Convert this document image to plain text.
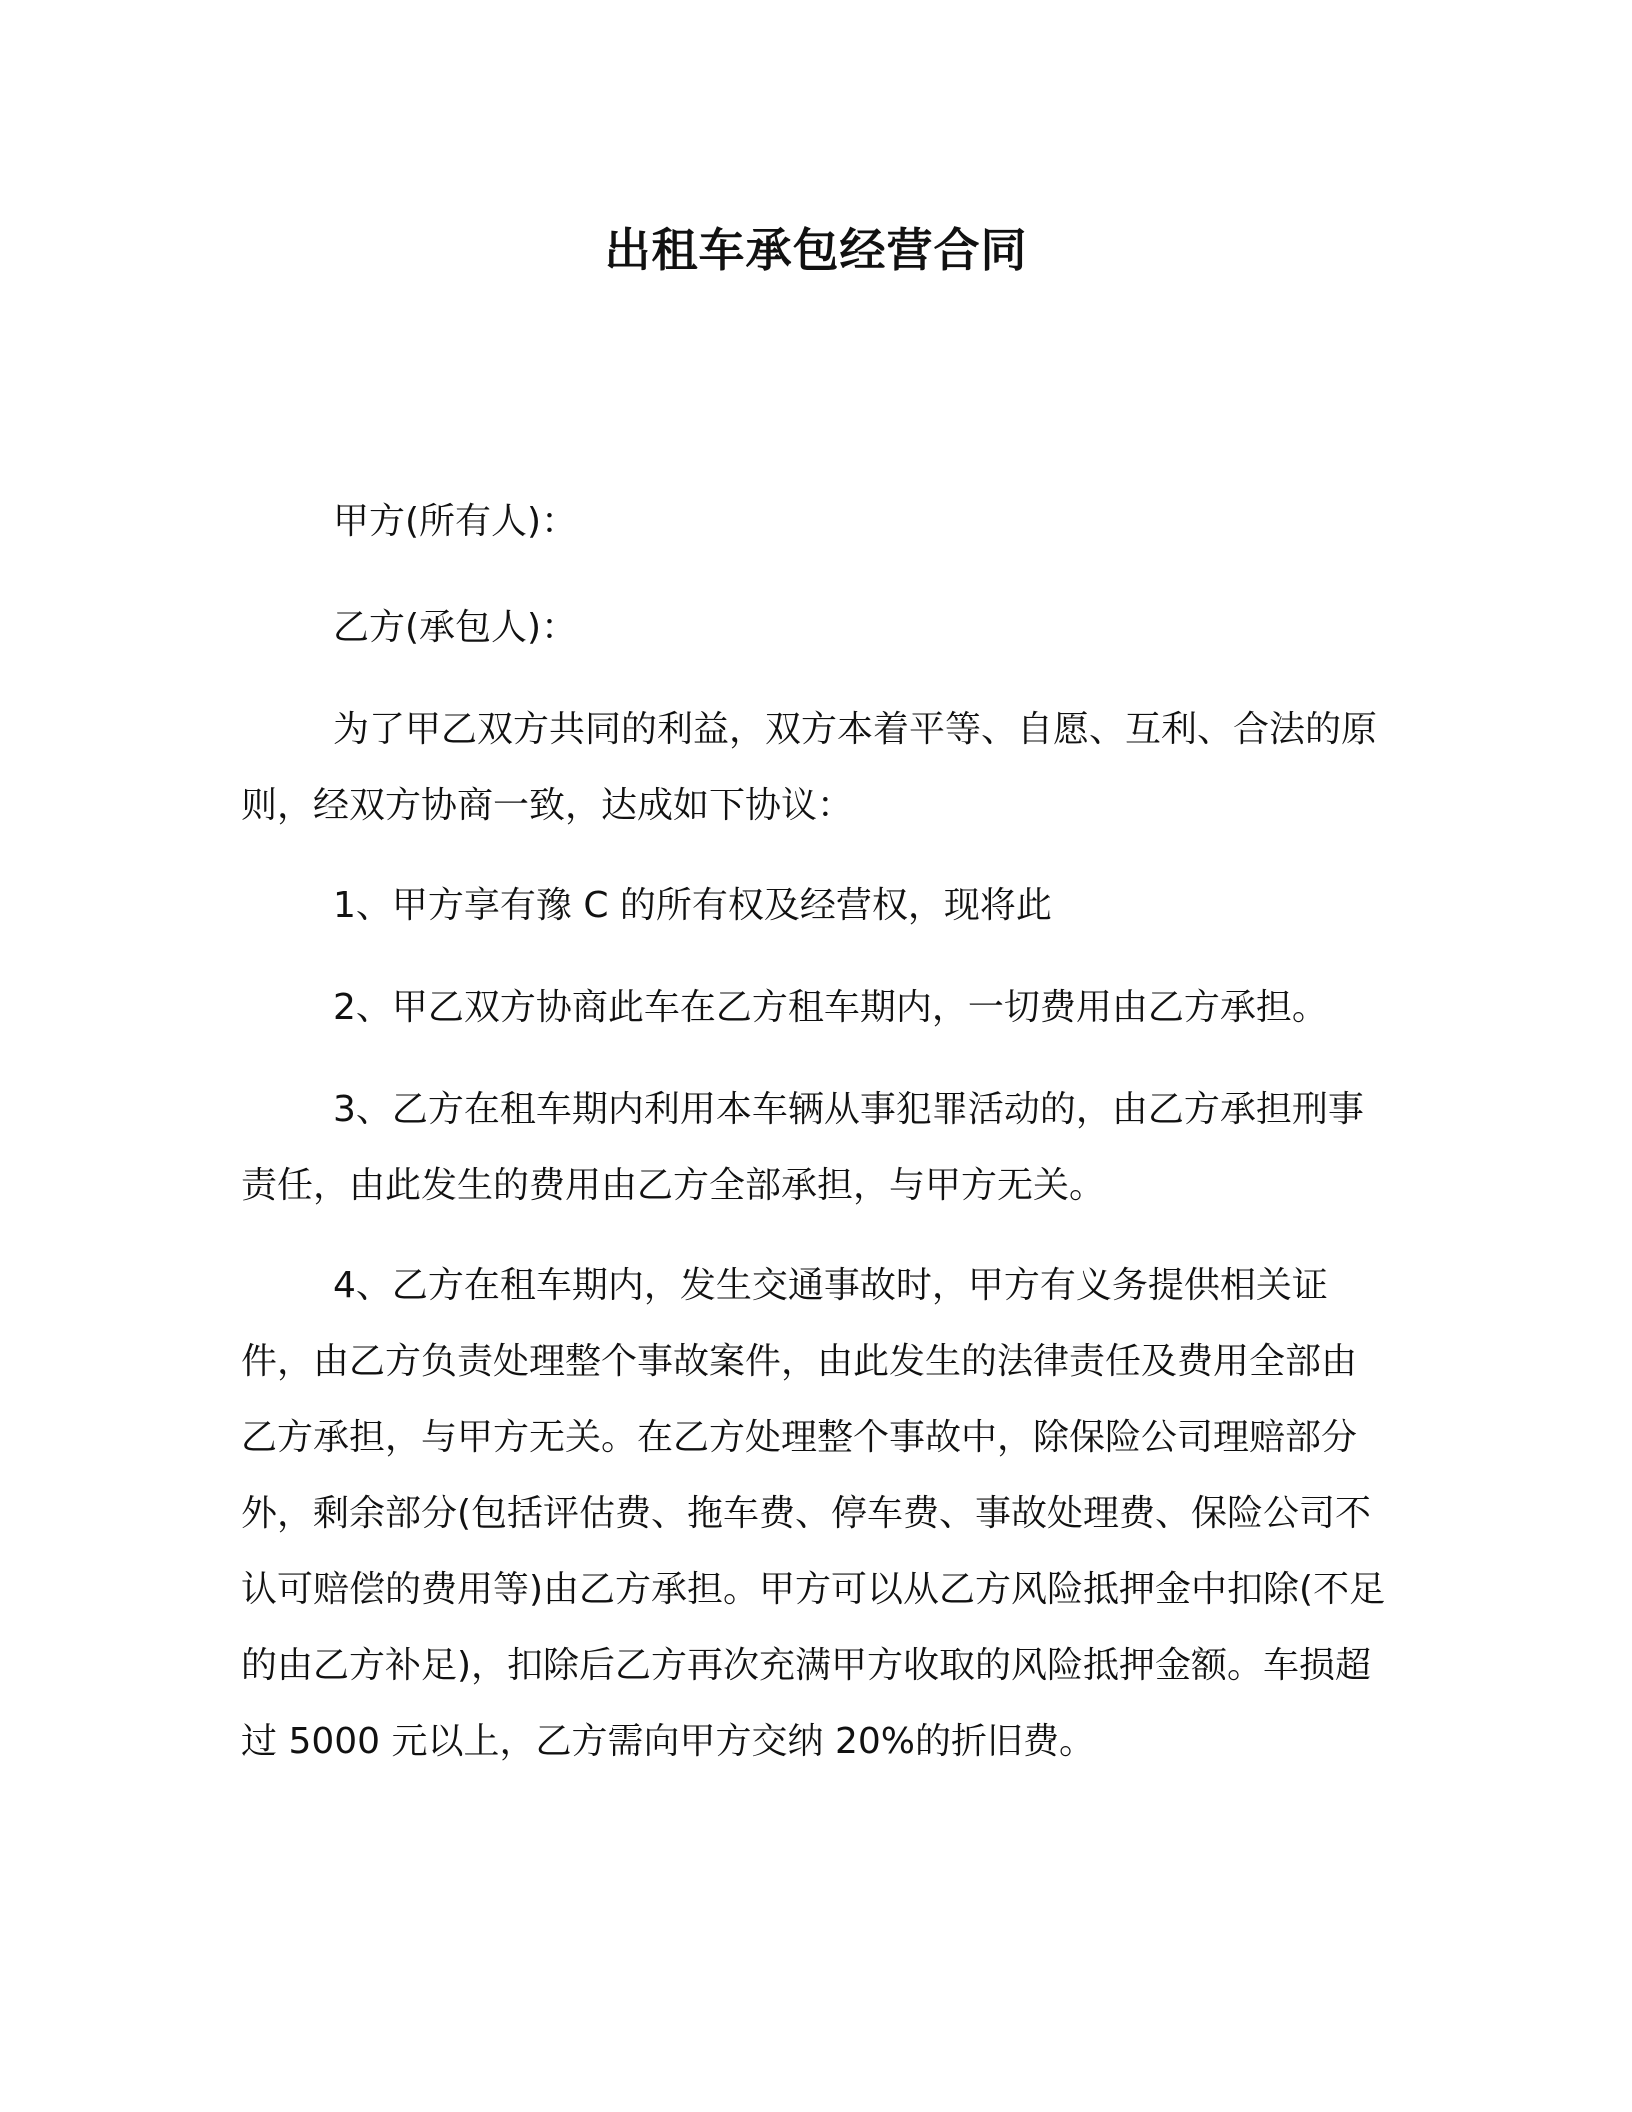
出租车承包经营合同

甲方(所有人)：

乙方(承包人)：

为了甲乙双方共同的利益，双方本着平等、自愿、互利、合法的原则，经双方协商一致，达成如下协议：

1、甲方享有豫 C 的所有权及经营权，现将此

2、甲乙双方协商此车在乙方租车期内，一切费用由乙方承担。

3、乙方在租车期内利用本车辆从事犯罪活动的，由乙方承担刑事责任，由此发生的费用由乙方全部承担，与甲方无关。

4、乙方在租车期内，发生交通事故时，甲方有义务提供相关证件，由乙方负责处理整个事故案件，由此发生的法律责任及费用全部由乙方承担，与甲方无关。在乙方处理整个事故中，除保险公司理赔部分外，剩余部分(包括评估费、拖车费、停车费、事故处理费、保险公司不认可赔偿的费用等)由乙方承担。甲方可以从乙方风险抵押金中扣除(不足的由乙方补足)，扣除后乙方再次充满甲方收取的风险抵押金额。车损超过 5000 元以上，乙方需向甲方交纳 20%的折旧费。
